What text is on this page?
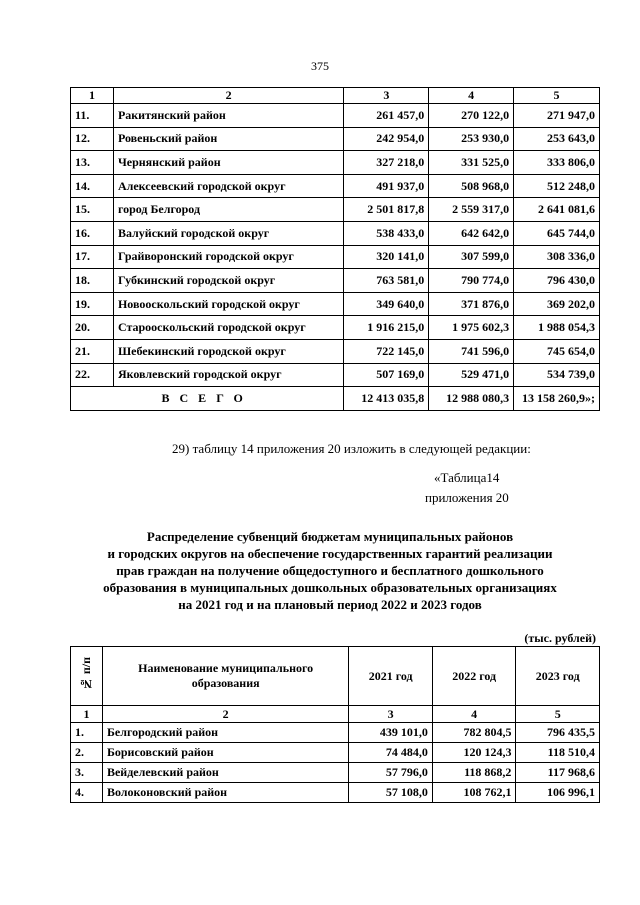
375
1	2	3	4	5
11.	Ракитянский район	261 457,0	270 122,0	271 947,0
12.	Ровеньский район	242 954,0	253 930,0	253 643,0
13.	Чернянский район	327 218,0	331 525,0	333 806,0
14.	Алексеевский городской округ	491 937,0	508 968,0	512 248,0
15.	город Белгород	2 501 817,8	2 559 317,0	2 641 081,6
16.	Валуйский городской округ	538 433,0	642 642,0	645 744,0
17.	Грайворонский городской округ	320 141,0	307 599,0	308 336,0
18.	Губкинский городской округ	763 581,0	790 774,0	796 430,0
19.	Новооскольский городской округ	349 640,0	371 876,0	369 202,0
20.	Старооскольский городской округ	1 916 215,0	1 975 602,3	1 988 054,3
21.	Шебекинский городской округ	722 145,0	741 596,0	745 654,0
22.	Яковлевский городской округ	507 169,0	529 471,0	534 739,0
ВСЕГО		12 413 035,8	12 988 080,3	13 158 260,9»;
29) таблицу 14 приложения 20 изложить в следующей редакции:
«Таблица14
приложения 20
Распределение субвенций бюджетам муниципальных районов
и городских округов на обеспечение государственных гарантий реализации
прав граждан на получение общедоступного и бесплатного дошкольного
образования в муниципальных дошкольных образовательных организациях
на 2021 год и на плановый период 2022 и 2023 годов
(тыс. рублей)
№ п/п	Наименование муниципального образования	2021 год	2022 год	2023 год
1	2	3	4	5
1.	Белгородский район	439 101,0	782 804,5	796 435,5
2.	Борисовский район	74 484,0	120 124,3	118 510,4
3.	Вейделевский район	57 796,0	118 868,2	117 968,6
4.	Волоконовский район	57 108,0	108 762,1	106 996,1
